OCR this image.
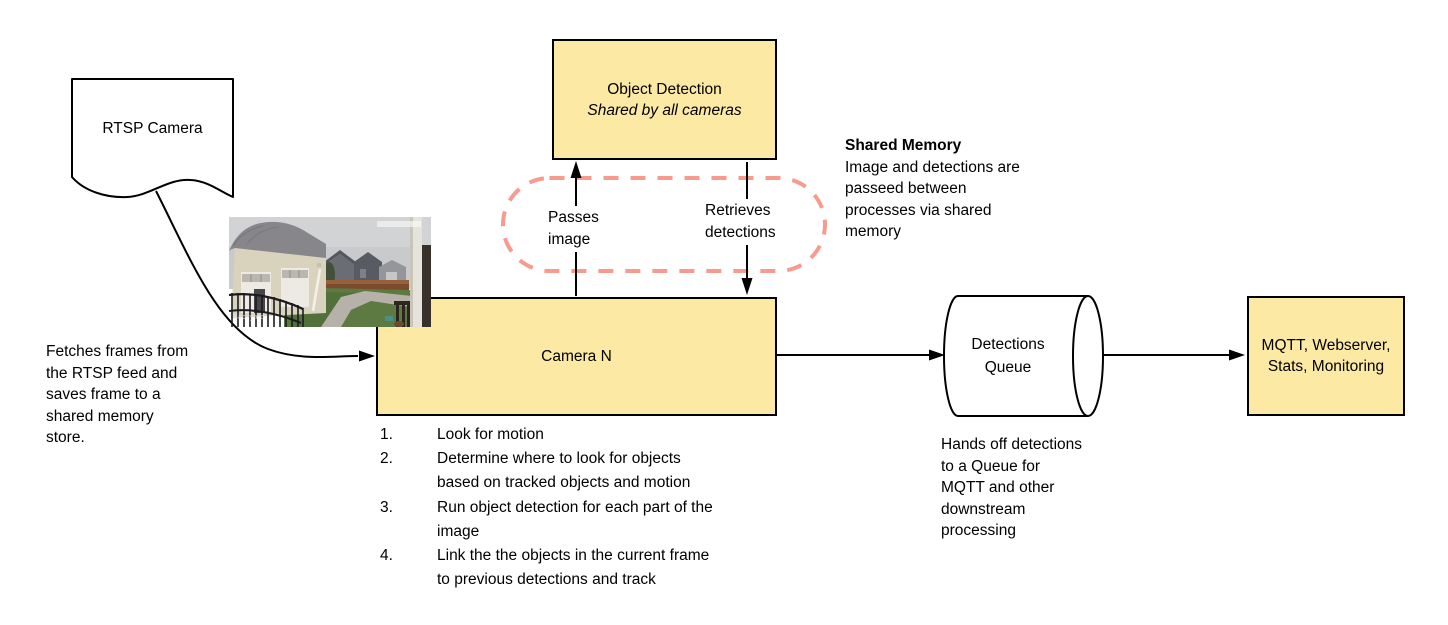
Object Detection
Shared by all cameras
Camera N
MQTT, Webserver,
Stats, Monitoring
RTSP Camera
Detections
Queue
Passes
image
Retrieves
detections
Shared Memory
Image and detections are
passeed between
processes via shared
memory
Fetches frames from
the RTSP feed and
saves frame to a
shared memory
store.	Hands off detections
to a Queue for
MQTT and other
downstream
processing
1.	Look for motion
2.	Determine where to look for objects
based on tracked objects and motion
3.	Run object detection for each part of the
image
4.	Link the the objects in the current frame
to previous detections and track
Backyard
